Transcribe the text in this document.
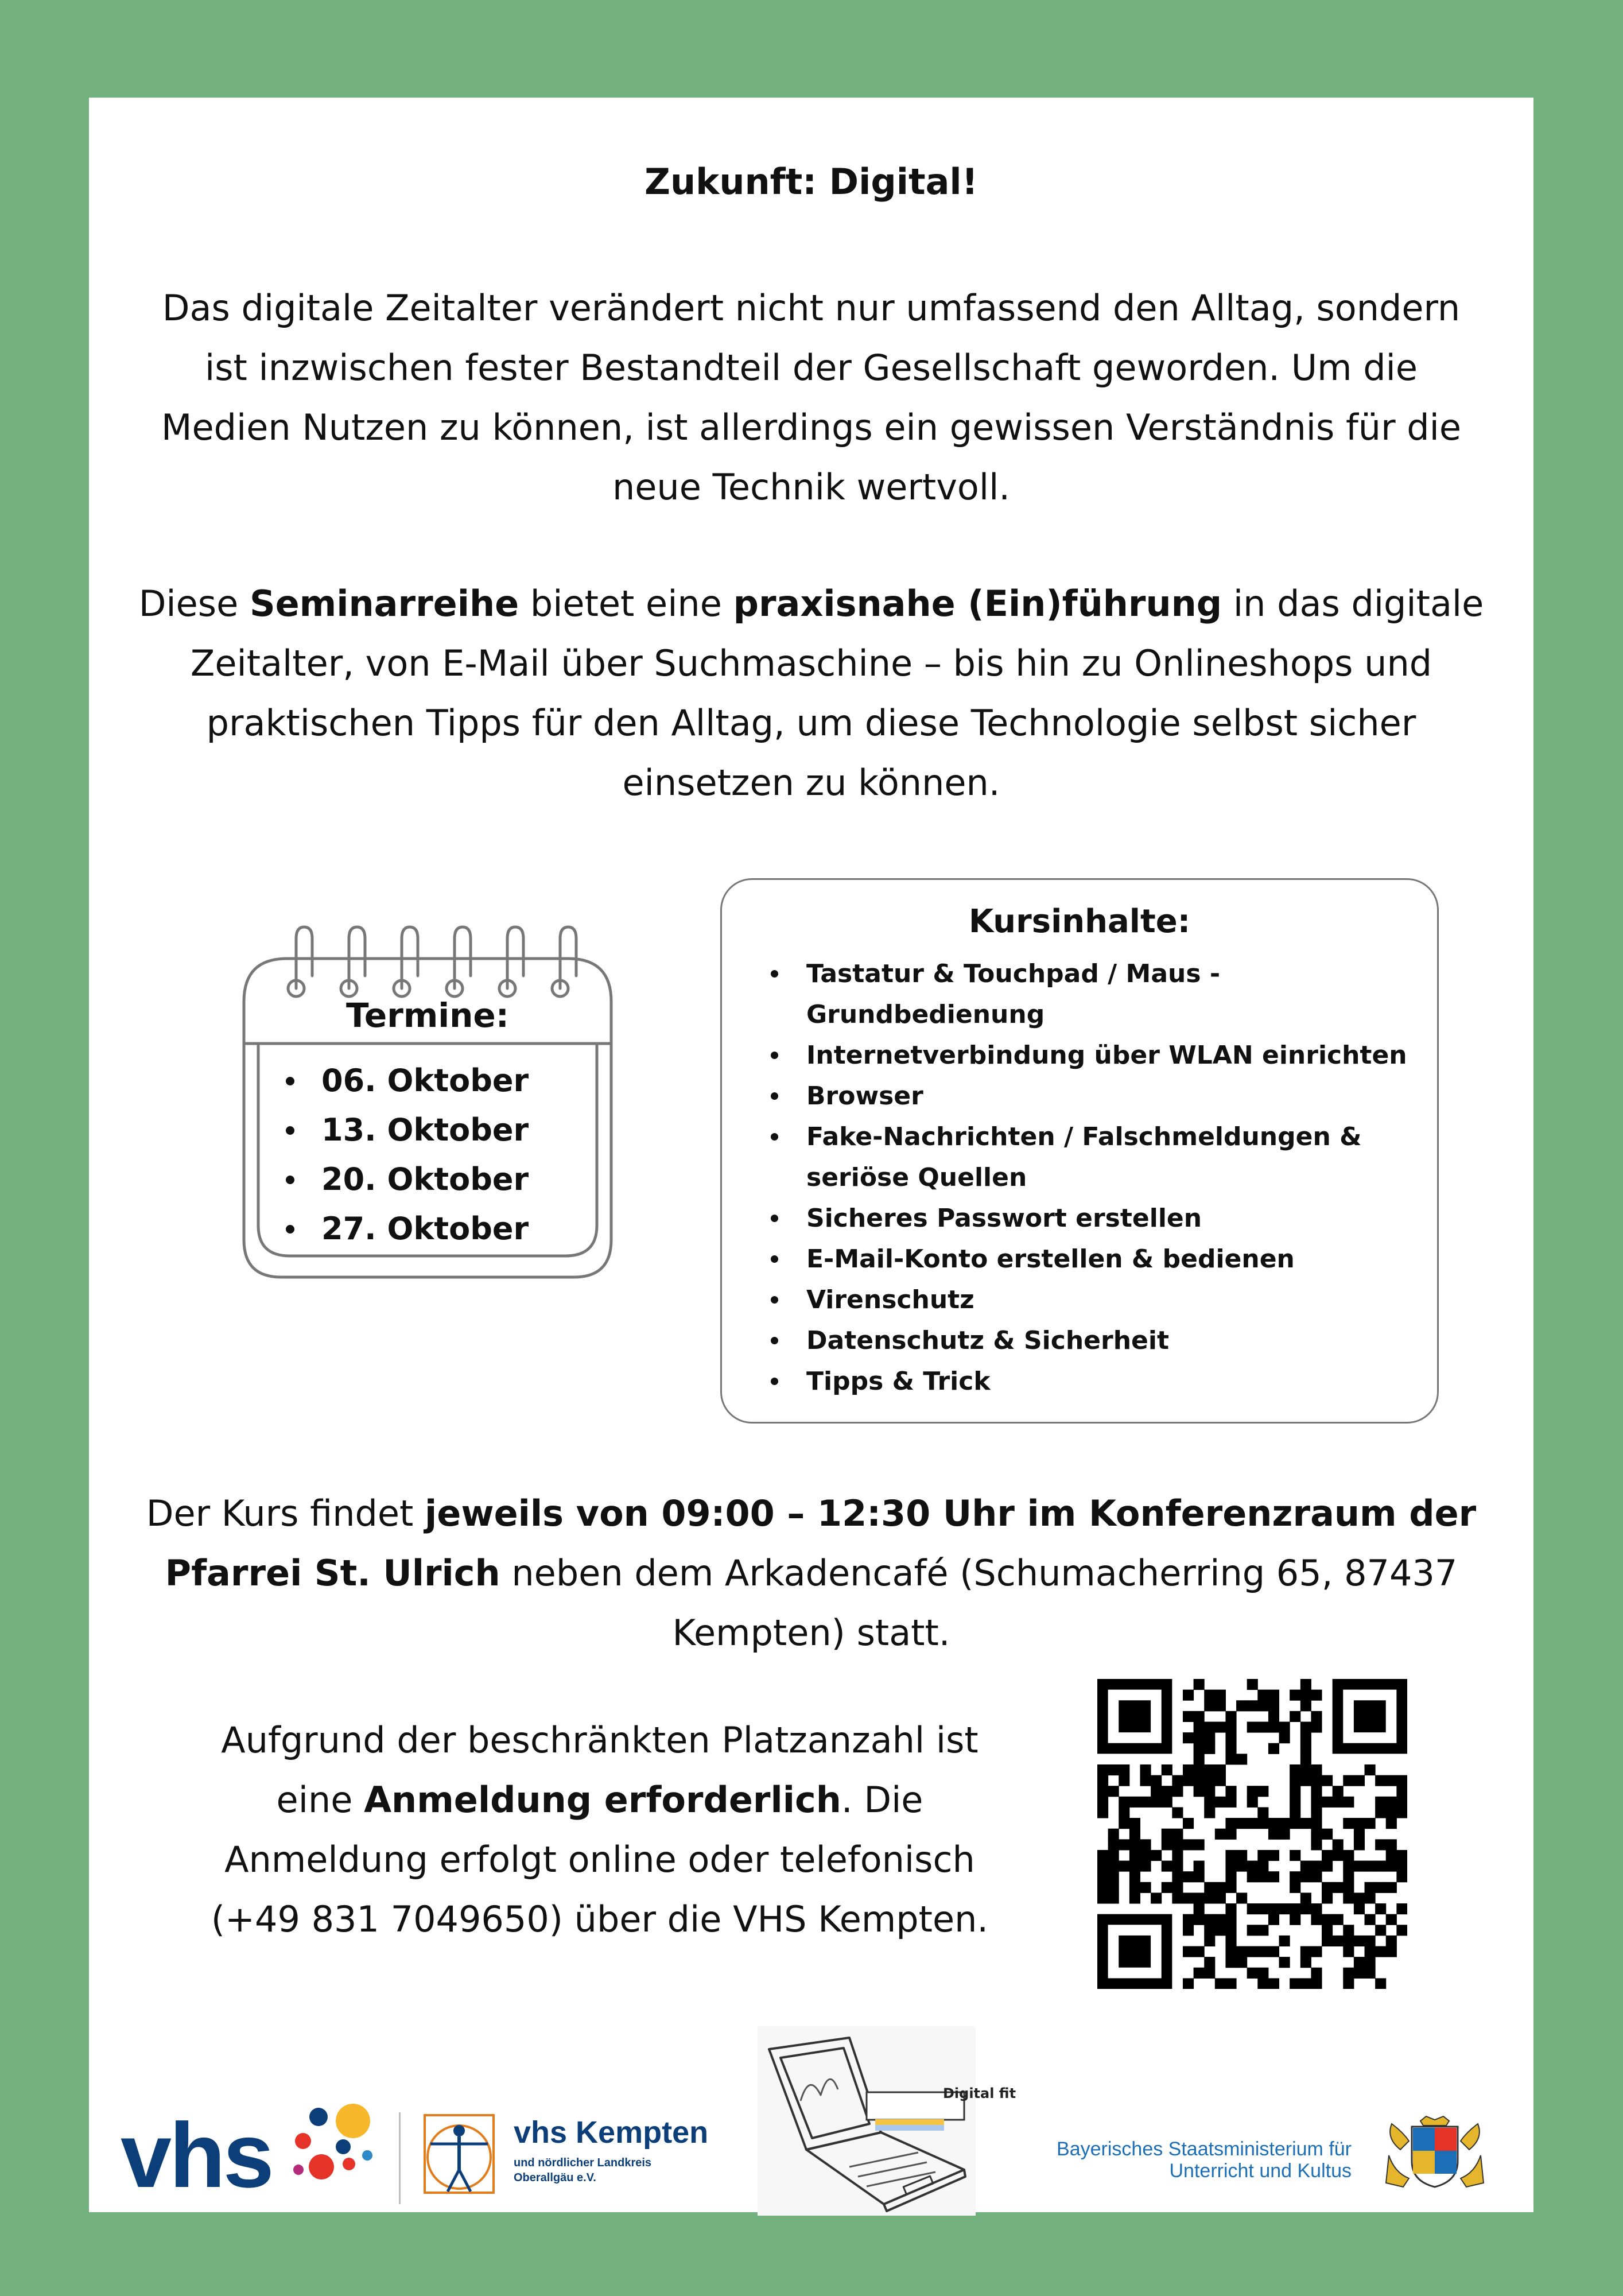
Zukunft: Digital!
Das digitale Zeitalter verändert nicht nur umfassend den Alltag, sondern
ist inzwischen fester Bestandteil der Gesellschaft geworden. Um die
Medien Nutzen zu können, ist allerdings ein gewissen Verständnis für die
neue Technik wertvoll.
Diese Seminarreihe bietet eine praxisnahe (Ein)führung in das digitale
Zeitalter, von E-Mail über Suchmaschine – bis hin zu Onlineshops und
praktischen Tipps für den Alltag, um diese Technologie selbst sicher
einsetzen zu können.
Termine:
06. Oktober
13. Oktober
20. Oktober
27. Oktober
Kursinhalte:
Tastatur & Touchpad / Maus - Grundbedienung
Internetverbindung über WLAN einrichten
Browser
Fake-Nachrichten / Falschmeldungen & seriöse Quellen
Sicheres Passwort erstellen
E-Mail-Konto erstellen & bedienen
Virenschutz
Datenschutz & Sicherheit
Tipps & Trick
Der Kurs findet jeweils von 09:00 – 12:30 Uhr im Konferenzraum der
Pfarrei St. Ulrich neben dem Arkadencafé (Schumacherring 65, 87437
Kempten) statt.
Aufgrund der beschränkten Platzanzahl ist
eine Anmeldung erforderlich. Die
Anmeldung erfolgt online oder telefonisch
(+49 831 7049650) über die VHS Kempten.
vhs	vhs Kempten
und nördlicher Landkreis
Oberallgäu e.V.
Digital fit
Bayerisches Staatsministerium für
Unterricht und Kultus
